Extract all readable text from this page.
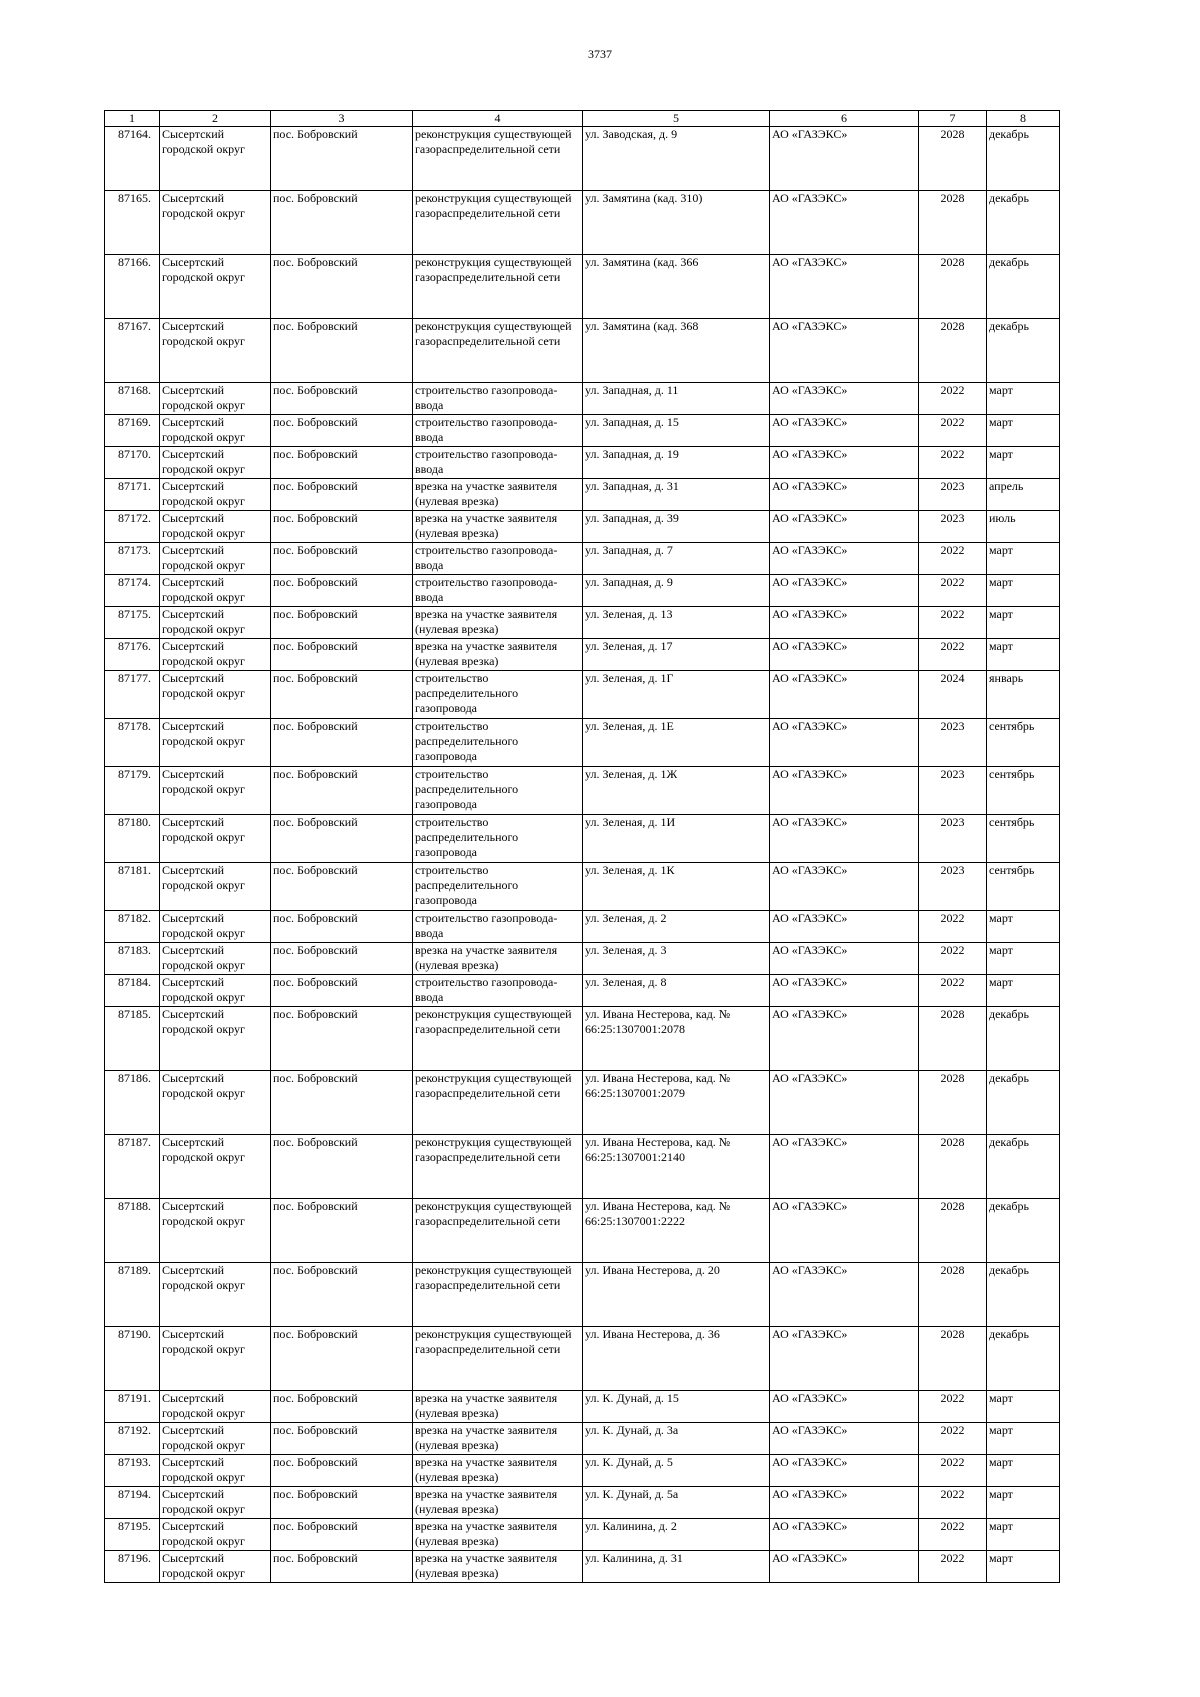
3737
1	2	3	4	5	6	7	8
87164.	Сысертский городской округ	пос. Бобровский	реконструкция существующей газораспределительной сети	ул. Заводская, д. 9	АО «ГАЗЭКС»	2028	декабрь
87165.	Сысертский городской округ	пос. Бобровский	реконструкция существующей газораспределительной сети	ул. Замятина (кад. 310)	АО «ГАЗЭКС»	2028	декабрь
87166.	Сысертский городской округ	пос. Бобровский	реконструкция существующей газораспределительной сети	ул. Замятина (кад. 366	АО «ГАЗЭКС»	2028	декабрь
87167.	Сысертский городской округ	пос. Бобровский	реконструкция существующей газораспределительной сети	ул. Замятина (кад. 368	АО «ГАЗЭКС»	2028	декабрь
87168.	Сысертский городской округ	пос. Бобровский	строительство газопровода-ввода	ул. Западная, д. 11	АО «ГАЗЭКС»	2022	март
87169.	Сысертский городской округ	пос. Бобровский	строительство газопровода-ввода	ул. Западная, д. 15	АО «ГАЗЭКС»	2022	март
87170.	Сысертский городской округ	пос. Бобровский	строительство газопровода-ввода	ул. Западная, д. 19	АО «ГАЗЭКС»	2022	март
87171.	Сысертский городской округ	пос. Бобровский	врезка на участке заявителя (нулевая врезка)	ул. Западная, д. 31	АО «ГАЗЭКС»	2023	апрель
87172.	Сысертский городской округ	пос. Бобровский	врезка на участке заявителя (нулевая врезка)	ул. Западная, д. 39	АО «ГАЗЭКС»	2023	июль
87173.	Сысертский городской округ	пос. Бобровский	строительство газопровода-ввода	ул. Западная, д. 7	АО «ГАЗЭКС»	2022	март
87174.	Сысертский городской округ	пос. Бобровский	строительство газопровода-ввода	ул. Западная, д. 9	АО «ГАЗЭКС»	2022	март
87175.	Сысертский городской округ	пос. Бобровский	врезка на участке заявителя (нулевая врезка)	ул. Зеленая, д. 13	АО «ГАЗЭКС»	2022	март
87176.	Сысертский городской округ	пос. Бобровский	врезка на участке заявителя (нулевая врезка)	ул. Зеленая, д. 17	АО «ГАЗЭКС»	2022	март
87177.	Сысертский городской округ	пос. Бобровский	строительство распределительного газопровода	ул. Зеленая, д. 1Г	АО «ГАЗЭКС»	2024	январь
87178.	Сысертский городской округ	пос. Бобровский	строительство распределительного газопровода	ул. Зеленая, д. 1Е	АО «ГАЗЭКС»	2023	сентябрь
87179.	Сысертский городской округ	пос. Бобровский	строительство распределительного газопровода	ул. Зеленая, д. 1Ж	АО «ГАЗЭКС»	2023	сентябрь
87180.	Сысертский городской округ	пос. Бобровский	строительство распределительного газопровода	ул. Зеленая, д. 1И	АО «ГАЗЭКС»	2023	сентябрь
87181.	Сысертский городской округ	пос. Бобровский	строительство распределительного газопровода	ул. Зеленая, д. 1К	АО «ГАЗЭКС»	2023	сентябрь
87182.	Сысертский городской округ	пос. Бобровский	строительство газопровода-ввода	ул. Зеленая, д. 2	АО «ГАЗЭКС»	2022	март
87183.	Сысертский городской округ	пос. Бобровский	врезка на участке заявителя (нулевая врезка)	ул. Зеленая, д. 3	АО «ГАЗЭКС»	2022	март
87184.	Сысертский городской округ	пос. Бобровский	строительство газопровода-ввода	ул. Зеленая, д. 8	АО «ГАЗЭКС»	2022	март
87185.	Сысертский городской округ	пос. Бобровский	реконструкция существующей газораспределительной сети	ул. Ивана Нестерова, кад. № 66:25:1307001:2078	АО «ГАЗЭКС»	2028	декабрь
87186.	Сысертский городской округ	пос. Бобровский	реконструкция существующей газораспределительной сети	ул. Ивана Нестерова, кад. № 66:25:1307001:2079	АО «ГАЗЭКС»	2028	декабрь
87187.	Сысертский городской округ	пос. Бобровский	реконструкция существующей газораспределительной сети	ул. Ивана Нестерова, кад. № 66:25:1307001:2140	АО «ГАЗЭКС»	2028	декабрь
87188.	Сысертский городской округ	пос. Бобровский	реконструкция существующей газораспределительной сети	ул. Ивана Нестерова, кад. № 66:25:1307001:2222	АО «ГАЗЭКС»	2028	декабрь
87189.	Сысертский городской округ	пос. Бобровский	реконструкция существующей газораспределительной сети	ул. Ивана Нестерова, д. 20	АО «ГАЗЭКС»	2028	декабрь
87190.	Сысертский городской округ	пос. Бобровский	реконструкция существующей газораспределительной сети	ул. Ивана Нестерова, д. 36	АО «ГАЗЭКС»	2028	декабрь
87191.	Сысертский городской округ	пос. Бобровский	врезка на участке заявителя (нулевая врезка)	ул. К. Дунай, д. 15	АО «ГАЗЭКС»	2022	март
87192.	Сысертский городской округ	пос. Бобровский	врезка на участке заявителя (нулевая врезка)	ул. К. Дунай, д. 3а	АО «ГАЗЭКС»	2022	март
87193.	Сысертский городской округ	пос. Бобровский	врезка на участке заявителя (нулевая врезка)	ул. К. Дунай, д. 5	АО «ГАЗЭКС»	2022	март
87194.	Сысертский городской округ	пос. Бобровский	врезка на участке заявителя (нулевая врезка)	ул. К. Дунай, д. 5а	АО «ГАЗЭКС»	2022	март
87195.	Сысертский городской округ	пос. Бобровский	врезка на участке заявителя (нулевая врезка)	ул. Калинина, д. 2	АО «ГАЗЭКС»	2022	март
87196.	Сысертский городской округ	пос. Бобровский	врезка на участке заявителя (нулевая врезка)	ул. Калинина, д. 31	АО «ГАЗЭКС»	2022	март
